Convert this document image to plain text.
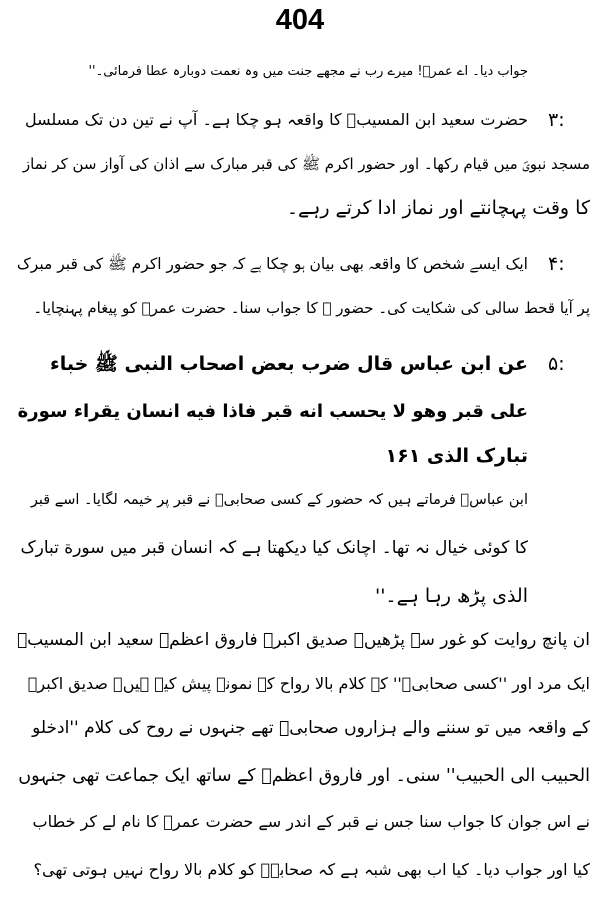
404
جواب دیا۔ اے عمرؓ! میرے رب نے مجھے جنت میں وہ نعمت دوبارہ عطا فرمائی۔''
۳:
حضرت سعید ابن المسیبؓ کا واقعہ ہو چکا ہے۔ آپ نے تین دن تک مسلسل
مسجد نبویؐ میں قیام رکھا۔ اور حضور اکرم ﷺ کی قبر مبارک سے اذان کی آواز سن کر نماز
کا وقت پہچانتے اور نماز ادا کرتے رہے۔
۴:
ایک ایسے شخص کا واقعہ بھی بیان ہو چکا ہے کہ جو حضور اکرم ﷺ کی قبر مبرک
پر آیا قحط سالی کی شکایت کی۔ حضور ﷺ کا جواب سنا۔ حضرت عمرؓ کو پیغام پہنچایا۔
۵:
عن ابن عباس قال ضرب بعض اصحاب النبی ﷺ خباء
علی قبر وھو لا یحسب انه قبر فاذا فیه انسان یقراء سورة
تبارک الذی ۱۶۱
ابن عباسؓ فرماتے ہیں کہ حضور کے کسی صحابیؓ نے قبر پر خیمہ لگایا۔ اسے قبر
کا کوئی خیال نہ تھا۔ اچانک کیا دیکھتا ہے کہ انسان قبر میں سورة تبارک
الذی پڑھ رہا ہے۔''
ان پانچ روایت کو غور سے پڑھیں۔ صدیق اکبرؓ فاروق اعظمؓ سعید ابن المسیبؓ
ایک مرد اور ''کسی صحابیؓ'' کے کلام بالا رواح کے نمونے پیش کیے ہیں۔ صدیق اکبرؓ
کے واقعہ میں تو سننے والے ہزاروں صحابیؓ تھے جنہوں نے روح کی کلام ''ادخلو
الحبیب الی الحبیب'' سنی۔ اور فاروق اعظمؓ کے ساتھ ایک جماعت تھی جنہوں
نے اس جوان کا جواب سنا جس نے قبر کے اندر سے حضرت عمرؓ کا نام لے کر خطاب
کیا اور جواب دیا۔ کیا اب بھی شبہ ہے کہ صحابہؓ کو کلام بالا رواح نہیں ہوتی تھی؟
